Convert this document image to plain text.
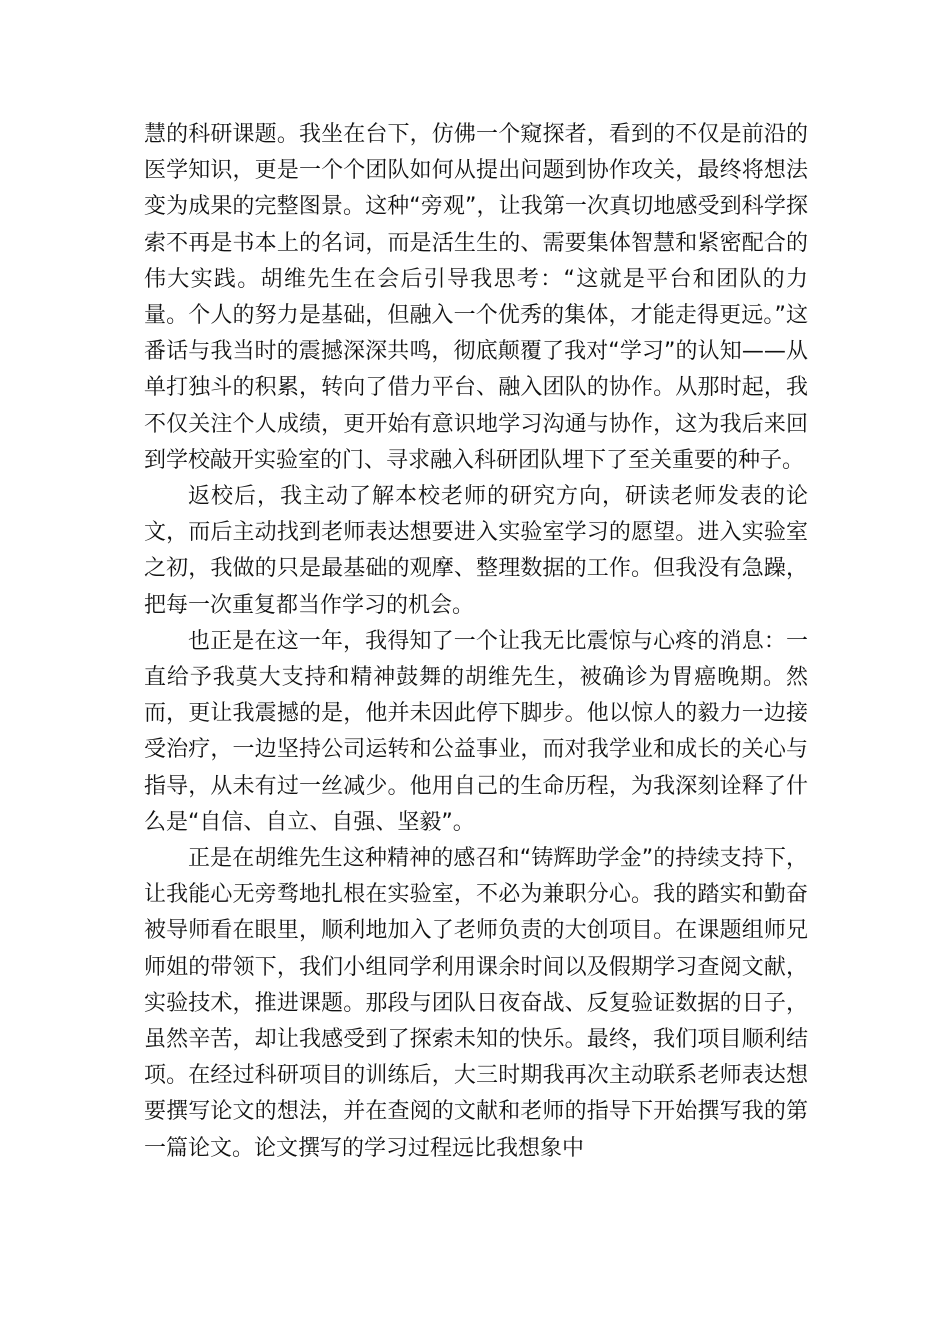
慧的科研课题。我坐在台下，仿佛一个窥探者，看到的不仅是前沿的医学知识，更是一个个团队如何从提出问题到协作攻关，最终将想法变为成果的完整图景。这种“旁观”，让我第一次真切地感受到科学探索不再是书本上的名词，而是活生生的、需要集体智慧和紧密配合的伟大实践。胡维先生在会后引导我思考：“这就是平台和团队的力量。个人的努力是基础，但融入一个优秀的集体，才能走得更远。”这番话与我当时的震撼深深共鸣，彻底颠覆了我对“学习”的认知——从单打独斗的积累，转向了借力平台、融入团队的协作。从那时起，我不仅关注个人成绩，更开始有意识地学习沟通与协作，这为我后来回到学校敲开实验室的门、寻求融入科研团队埋下了至关重要的种子。

返校后，我主动了解本校老师的研究方向，研读老师发表的论文，而后主动找到老师表达想要进入实验室学习的愿望。进入实验室之初，我做的只是最基础的观摩、整理数据的工作。但我没有急躁，把每一次重复都当作学习的机会。

也正是在这一年，我得知了一个让我无比震惊与心疼的消息：一直给予我莫大支持和精神鼓舞的胡维先生，被确诊为胃癌晚期。然而，更让我震撼的是，他并未因此停下脚步。他以惊人的毅力一边接受治疗，一边坚持公司运转和公益事业，而对我学业和成长的关心与指导，从未有过一丝减少。他用自己的生命历程，为我深刻诠释了什么是“自信、自立、自强、坚毅”。

正是在胡维先生这种精神的感召和“铸辉助学金”的持续支持下，让我能心无旁骛地扎根在实验室，不必为兼职分心。我的踏实和勤奋被导师看在眼里，顺利地加入了老师负责的大创项目。在课题组师兄师姐的带领下，我们小组同学利用课余时间以及假期学习查阅文献，实验技术，推进课题。那段与团队日夜奋战、反复验证数据的日子，虽然辛苦，却让我感受到了探索未知的快乐。最终，我们项目顺利结项。在经过科研项目的训练后，大三时期我再次主动联系老师表达想要撰写论文的想法，并在查阅的文献和老师的指导下开始撰写我的第一篇论文。论文撰写的学习过程远比我想象中
